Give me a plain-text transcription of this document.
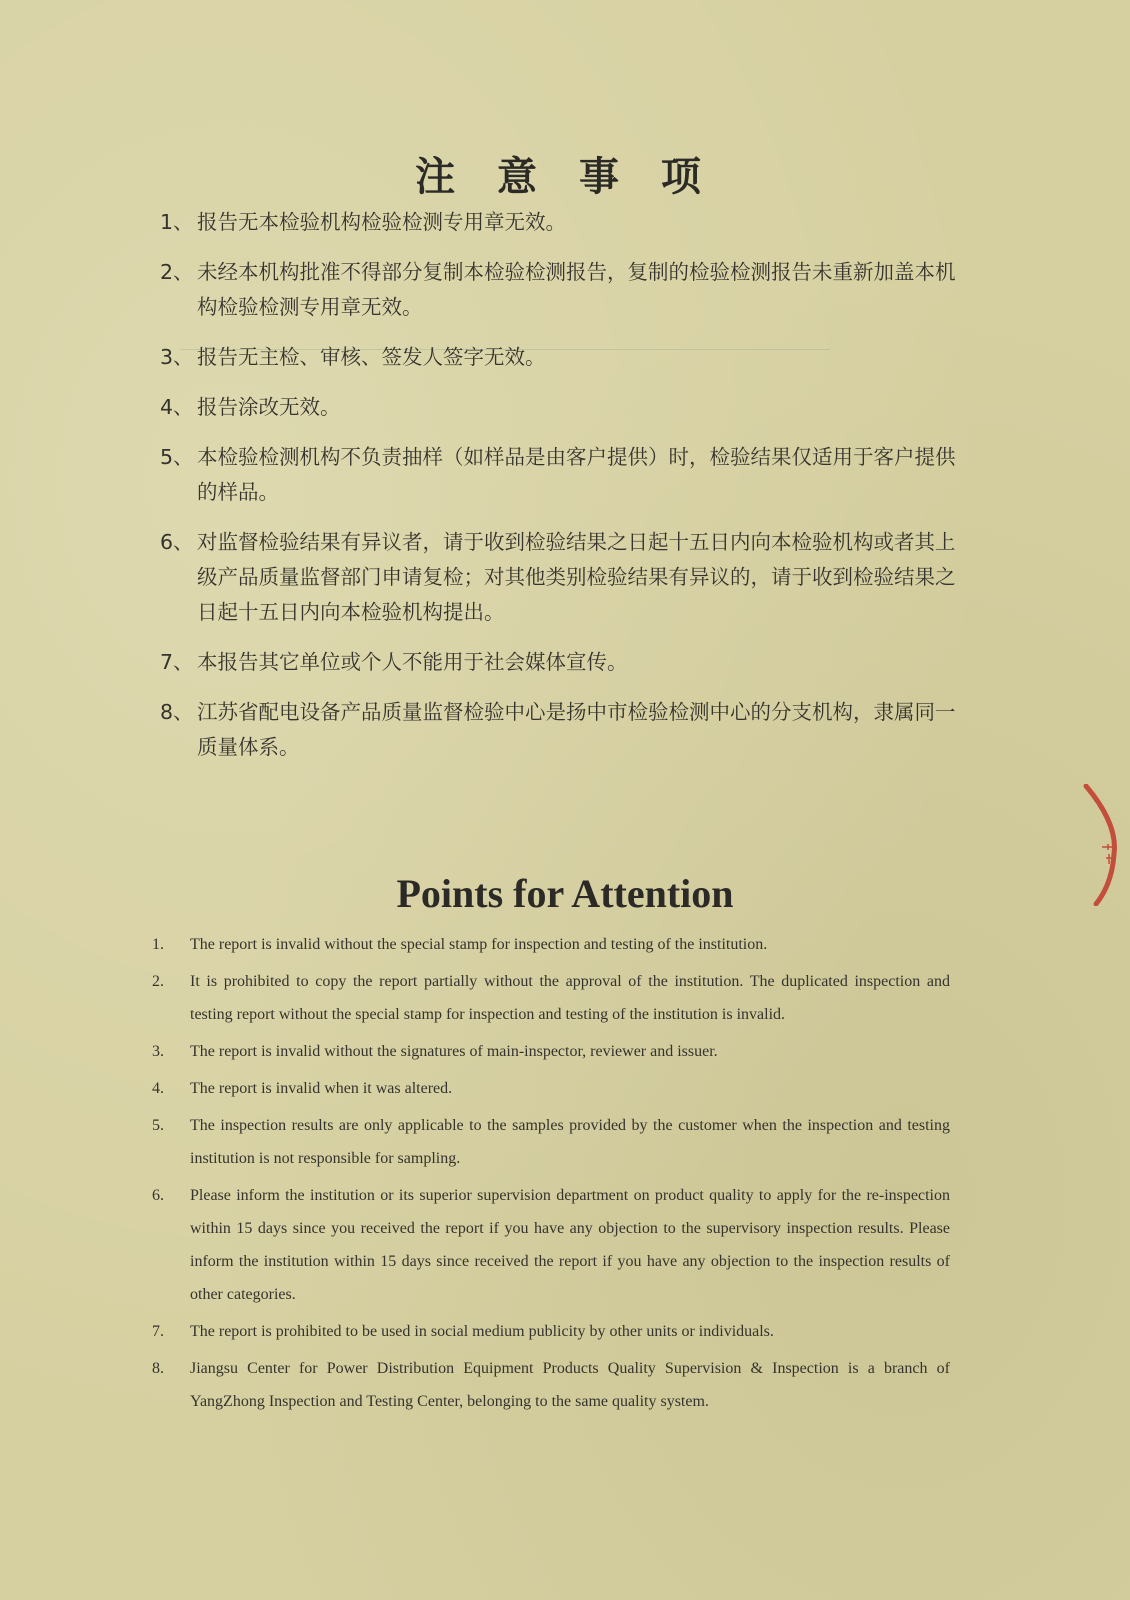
注 意 事 项
1、 报告无本检验机构检验检测专用章无效。
2、 未经本机构批准不得部分复制本检验检测报告，复制的检验检测报告未重新加盖本机构检验检测专用章无效。
3、 报告无主检、审核、签发人签字无效。
4、 报告涂改无效。
5、 本检验检测机构不负责抽样（如样品是由客户提供）时，检验结果仅适用于客户提供的样品。
6、 对监督检验结果有异议者，请于收到检验结果之日起十五日内向本检验机构或者其上级产品质量监督部门申请复检；对其他类别检验结果有异议的，请于收到检验结果之日起十五日内向本检验机构提出。
7、 本报告其它单位或个人不能用于社会媒体宣传。
8、 江苏省配电设备产品质量监督检验中心是扬中市检验检测中心的分支机构，隶属同一质量体系。
Points for Attention
1.	The report is invalid without the special stamp for inspection and testing of the institution.
2.	It is prohibited to copy the report partially without the approval of the institution. The duplicated inspection and testing report without the special stamp for inspection and testing of the institution is invalid.
3.	The report is invalid without the signatures of main-inspector, reviewer and issuer.
4.	The report is invalid when it was altered.
5.	The inspection results are only applicable to the samples provided by the customer when the inspection and testing institution is not responsible for sampling.
6.	Please inform the institution or its superior supervision department on product quality to apply for the re-inspection within 15 days since you received the report if you have any objection to the supervisory inspection results. Please inform the institution within 15 days since received the report if you have any objection to the inspection results of other categories.
7.	The report is prohibited to be used in social medium publicity by other units or individuals.
8.	Jiangsu Center for Power Distribution Equipment Products Quality Supervision & Inspection is a branch of YangZhong Inspection and Testing Center, belonging to the same quality system.
